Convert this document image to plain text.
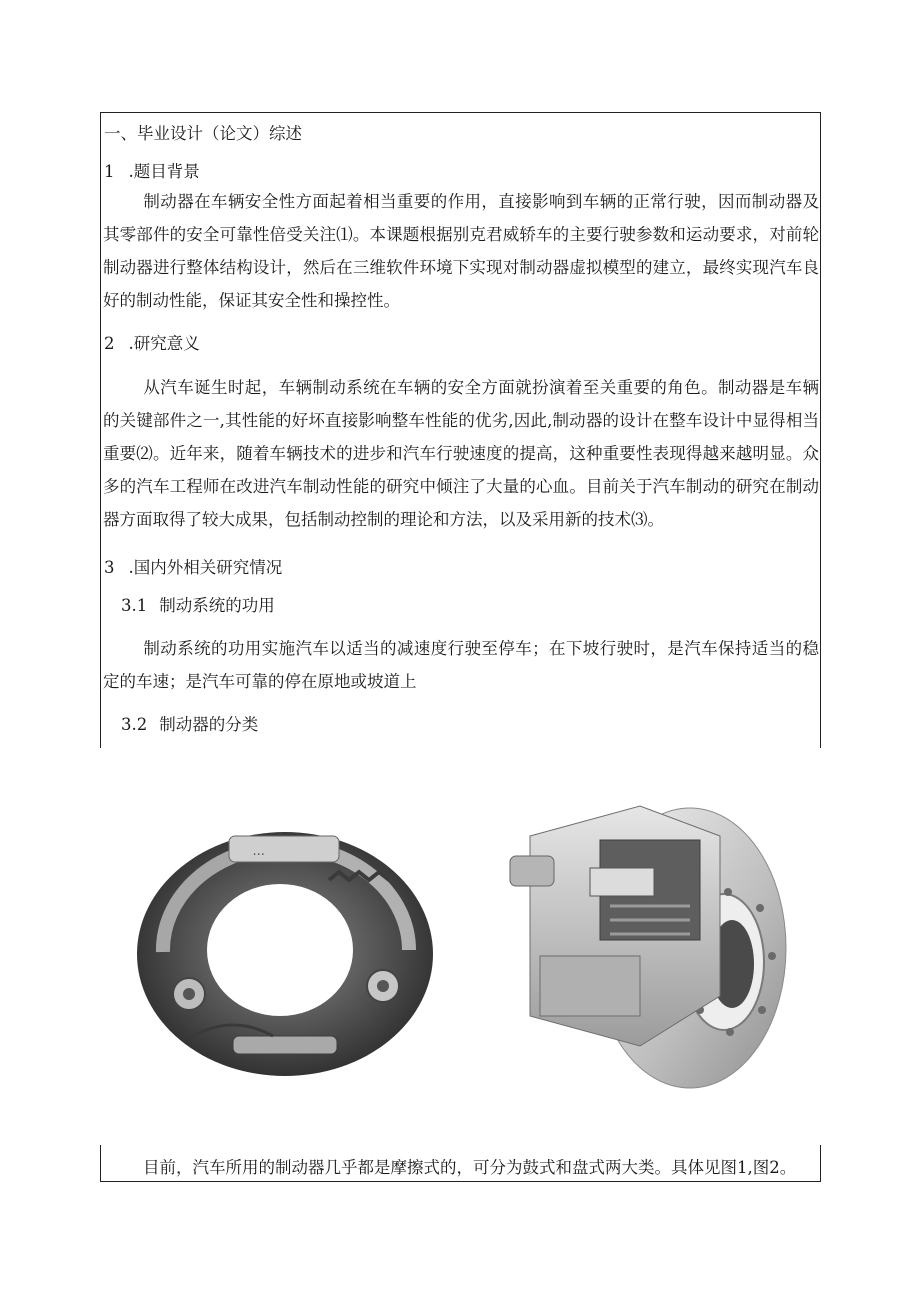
一、毕业设计（论文）综述
1 .题目背景
制动器在车辆安全性方面起着相当重要的作用，直接影响到车辆的正常行驶，因而制动器及其零部件的安全可靠性倍受关注⑴。本课题根据别克君威轿车的主要行驶参数和运动要求，对前轮制动器进行整体结构设计，然后在三维软件环境下实现对制动器虚拟模型的建立，最终实现汽车良好的制动性能，保证其安全性和操控性。
2 .研究意义
从汽车诞生时起，车辆制动系统在车辆的安全方面就扮演着至关重要的角色。制动器是车辆的关键部件之一,其性能的好坏直接影响整车性能的优劣,因此,制动器的设计在整车设计中显得相当重要⑵。近年来，随着车辆技术的进步和汽车行驶速度的提高，这种重要性表现得越来越明显。众多的汽车工程师在改进汽车制动性能的研究中倾注了大量的心血。目前关于汽车制动的研究在制动器方面取得了较大成果，包括制动控制的理论和方法，以及采用新的技术⑶。
3 .国内外相关研究情况
3.1 制动系统的功用
制动系统的功用实施汽车以适当的减速度行驶至停车；在下坡行驶时，是汽车保持适当的稳定的车速；是汽车可靠的停在原地或坡道上
3.2 制动器的分类
...
目前，汽车所用的制动器几乎都是摩擦式的，可分为鼓式和盘式两大类。具体见图1,图2。
